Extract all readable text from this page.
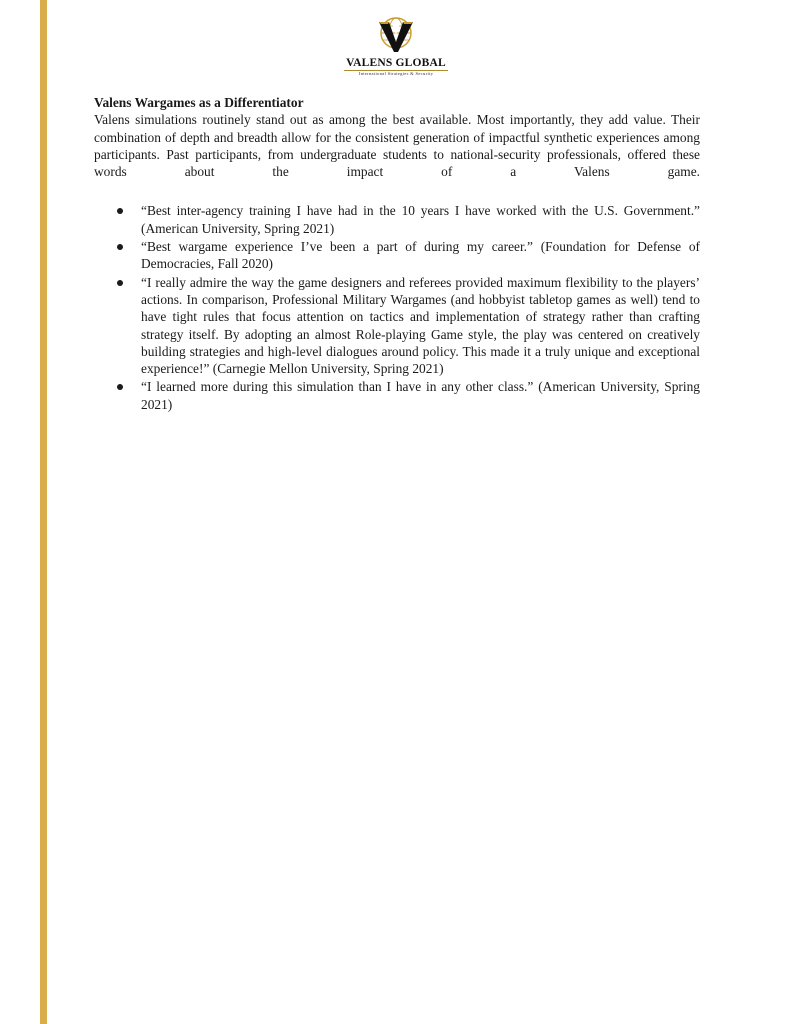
VALENS GLOBAL
International Strategies & Security

Valens Wargames as a Differentiator

Valens simulations routinely stand out as among the best available. Most importantly, they add value. Their combination of depth and breadth allow for the consistent generation of impactful synthetic experiences among participants. Past participants, from undergraduate students to national-security professionals, offered these words about the impact of a Valens game.

“Best inter-agency training I have had in the 10 years I have worked with the U.S. Government.” (American University, Spring 2021)
“Best wargame experience I’ve been a part of during my career.” (Foundation for Defense of Democracies, Fall 2020)
“I really admire the way the game designers and referees provided maximum flexibility to the players’ actions. In comparison, Professional Military Wargames (and hobbyist tabletop games as well) tend to have tight rules that focus attention on tactics and implementation of strategy rather than crafting strategy itself. By adopting an almost Role-playing Game style, the play was centered on creatively building strategies and high-level dialogues around policy. This made it a truly unique and exceptional experience!” (Carnegie Mellon University, Spring 2021)
“I learned more during this simulation than I have in any other class.” (American University, Spring 2021)
